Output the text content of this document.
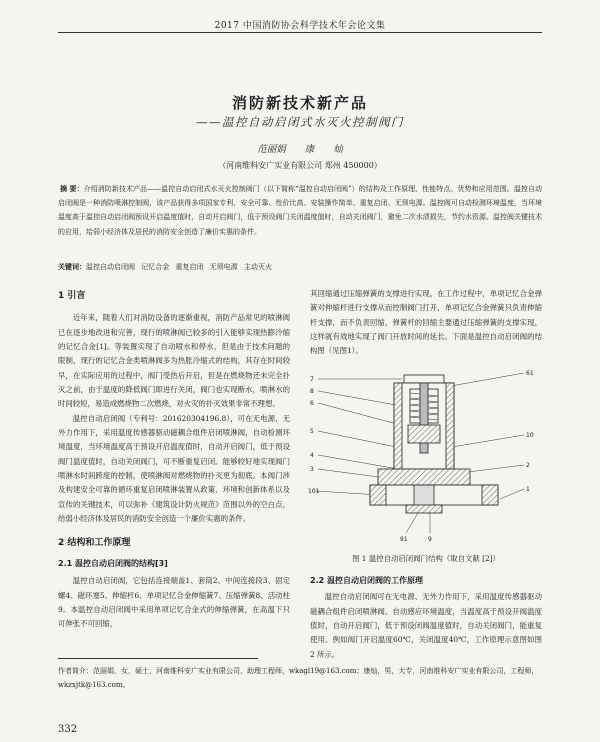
2017 中国消防协会科学技术年会论文集
消防新技术新产品
——温控自动启闭式水灭火控制阀门
范丽娟 康 灿
（河南维科安广实业有限公司 郑州 450000）
摘 要：介绍消防新技术产品——温控自动启闭式水灭火控制阀门（以下简称“温控自动启闭阀”）的结构及工作原理、性能特点、优势和应用范围。温控自动启闭阀是一种消防喷淋控制阀，该产品获得多项国家专利，安全可靠、性价比高、安装操作简单、重复启闭、无须电源。温控阀可自动检测环境温度，当环境温度高于温控自动启闭阀预设开启温度值时，自动开启阀门，低于预设阀门关闭温度值时，自动关闭阀门，避免二次水渍损失，节约水资源。温控阀关键技术的应用，给弱小经济体及居民的消防安全创造了廉价实惠的条件。
关键词：温控自动启闭阀 记忆合金 重复启闭 无须电源 主动灭火
1 引言

近年来，随着人们对消防设备的逐渐重视，消防产品常见的喷淋阀已在逐步地改进和完善，现行的喷淋阀已较多的引入能够实现热膨冷缩的记忆合金[1]。等装置实现了自动喷水和停水，但是由于技术问题的限制，现行的记忆合金类喷淋阀多为热胀冷缩式的结构，其存在时间较早，在实际应用的过程中，阀门受热后开启，但是在燃烧物还未完全扑灭之前，由于温度的降低阀门即进行关闭，阀门也实现断水，喷淋水的时间较短，易造成燃烧物二次燃烧，对火灾的扑灭效果非常不理想。

温控自动启闭阀（专利号：201620304196.8），可在无电源、无外力作用下，采用温度传感器驱动磁耦合组件启闭喷淋阀，自动检测环境温度，当环境温度高于预设开启温度值时，自动开启阀门，低于预设阀门温度值时，自动关闭阀门，可不断重复启闭。能够较好地实现阀门喷淋水时间跨度的控制，使喷淋阀对燃烧物的扑灭更为彻底。本阀门涉及构建安全可靠的循环重复启闭喷淋装置从政策、环境和创新体系以及宣传的关键技术，可以弥补《建筑设计防火规范》范围以外的空白点，给弱小经济体及居民的消防安全创造一个廉价实惠的条件。

2 结构和工作原理
2.1 温控自动启闭阀的结构[3]

温控自动启闭阀，它包括连接端盖1、套筒2、中间连接段3、固定螺4、磁环塞5、伸缩杆6、单项记忆合金伸缩簧7、压缩弹簧8、活动柱9。本温控自动启闭阀中采用单项记忆合金式的伸缩弹簧，在高温下只可伸张不可回缩，

其回缩通过压缩弹簧的支撑进行实现，在工作过程中，单项记忆合金弹簧对伸缩杆进行支撑从而控制阀门打开，单项记忆合金弹簧只负责伸缩杆支撑，而不负责回缩，弹簧杆的回缩主要通过压缩弹簧的支撑实现，这样就有效地实现了阀门开放时间的延长。下面是温控自动启闭阀的结构图（见图1）。

7
8
6
5
4
3
101
91	9
61
10
2
1
图 1 温控自动启闭阀门结构（取自文献 [2]）
2.2 温控自动启闭阀的工作原理

温控自动启闭阀可在无电源、无外力作用下，采用温度传感器驱动磁耦合组件启闭喷淋阀。自动感应环境温度，当温度高于预设开阀温度值时，自动开启阀门，低于预设闭阀温度值时，自动关闭阀门，能重复使用。例如阀门开启温度60℃，关闭温度40℃，工作原理示意图如图 2 所示。

作者简介：范丽娟，女，硕士，河南维科安广实业有限公司，助理工程师，wkagl19@163.com；康灿，男，大专，河南维科安广实业有限公司，工程师，wkzxjtk@163.com。
332
